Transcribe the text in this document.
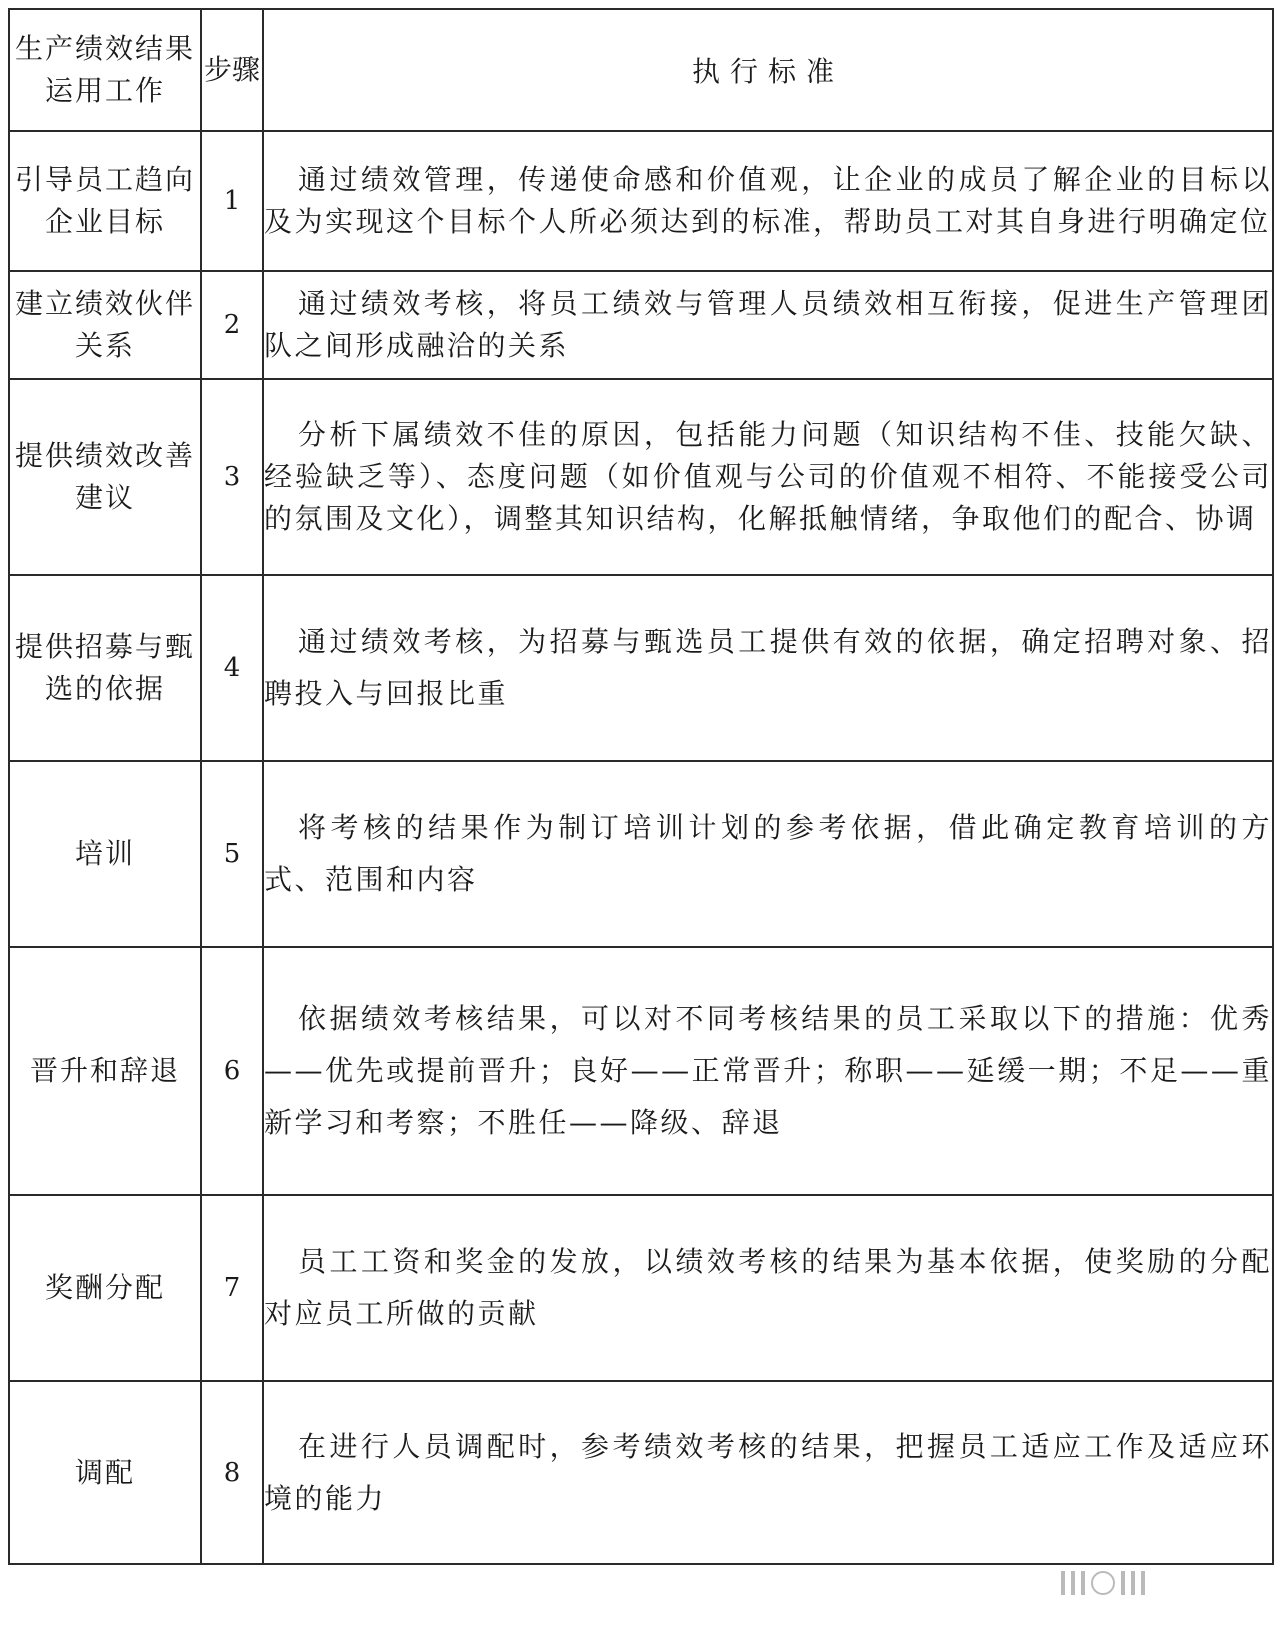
生产绩效结果运用工作	步骤	执行标准
引导员工趋向企业目标	1	通过绩效管理，传递使命感和价值观，让企业的成员了解企业的目标以及为实现这个目标个人所必须达到的标准，帮助员工对其自身进行明确定位
建立绩效伙伴关系	2	通过绩效考核，将员工绩效与管理人员绩效相互衔接，促进生产管理团队之间形成融洽的关系
提供绩效改善建议	3	分析下属绩效不佳的原因，包括能力问题（知识结构不佳、技能欠缺、经验缺乏等）、态度问题（如价值观与公司的价值观不相符、不能接受公司的氛围及文化），调整其知识结构，化解抵触情绪，争取他们的配合、协调
提供招募与甄选的依据	4	通过绩效考核，为招募与甄选员工提供有效的依据，确定招聘对象、招聘投入与回报比重
培训	5	将考核的结果作为制订培训计划的参考依据，借此确定教育培训的方式、范围和内容
晋升和辞退	6	依据绩效考核结果，可以对不同考核结果的员工采取以下的措施：优秀——优先或提前晋升；良好——正常晋升；称职——延缓一期；不足——重新学习和考察；不胜任——降级、辞退
奖酬分配	7	员工工资和奖金的发放，以绩效考核的结果为基本依据，使奖励的分配对应员工所做的贡献
调配	8	在进行人员调配时，参考绩效考核的结果，把握员工适应工作及适应环境的能力
